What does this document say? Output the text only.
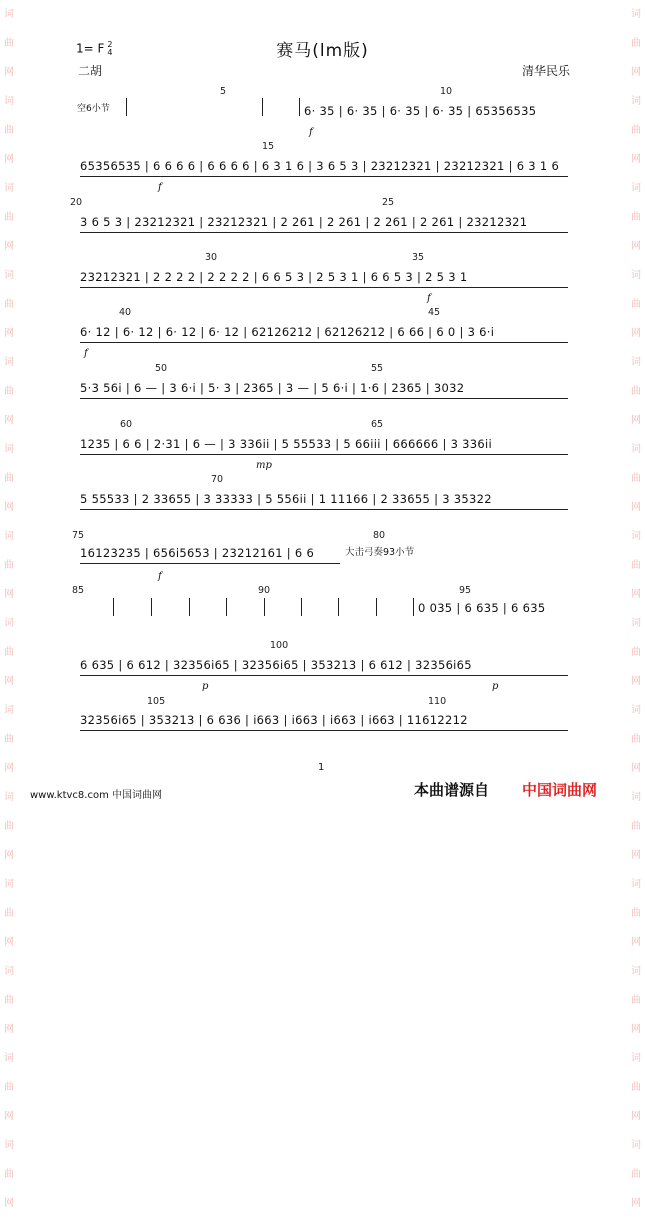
词曲网词曲网词曲网词曲网词曲网词曲网词曲网词曲网词曲网词曲网词曲网词曲网词曲网词曲网
词曲网词曲网词曲网词曲网词曲网词曲网词曲网词曲网词曲网词曲网词曲网词曲网词曲网词曲网
赛马(lm版)
1= F 2
4
二胡	清华民乐
空6小节
5	10
15
20	25
30	35
40	45
50	55
60	65
70
75	80
85	90	95
100
105	110
6· 35 | 6· 35 | 6· 35 | 6· 35 | 65356535
65356535 | 6 6 6 6 | 6 6 6 6 | 6 3 1 6 | 3 6 5 3 | 23212321 | 23212321 | 6 3 1 6
3 6 5 3 | 23212321 | 23212321 | 2 261 | 2 261 | 2 261 | 2 261 | 23212321
23212321 | 2 2 2 2 | 2 2 2 2 | 6 6 5 3 | 2 5 3 1 | 6 6 5 3 | 2 5 3 1
6· 12 | 6· 12 | 6· 12 | 6· 12 | 62126212 | 62126212 | 6 66 | 6 0 | 3 6·i
5·3 56i | 6 — | 3 6·i | 5· 3 | 2365 | 3 — | 5 6·i | 1·6 | 2365 | 3032
1235 | 6 6 | 2·31 | 6 — | 3 336ii | 5 55533 | 5 66iii | 666666 | 3 336ii
5 55533 | 2 33655 | 3 33333 | 5 556ii | 1 11166 | 2 33655 | 3 35322
16123235 | 656i5653 | 23212161 | 6 6	大击弓奏93小节
0 035 | 6 635 | 6 635
6 635 | 6 612 | 32356i65 | 32356i65 | 353213 | 6 612 | 32356i65
32356i65 | 353213 | 6 636 | i663 | i663 | i663 | i663 | 11612212
f
f
f
f
mp
f
p	p
1
www.ktvc8.com 中国词曲网	本曲谱源自 中国词曲网
